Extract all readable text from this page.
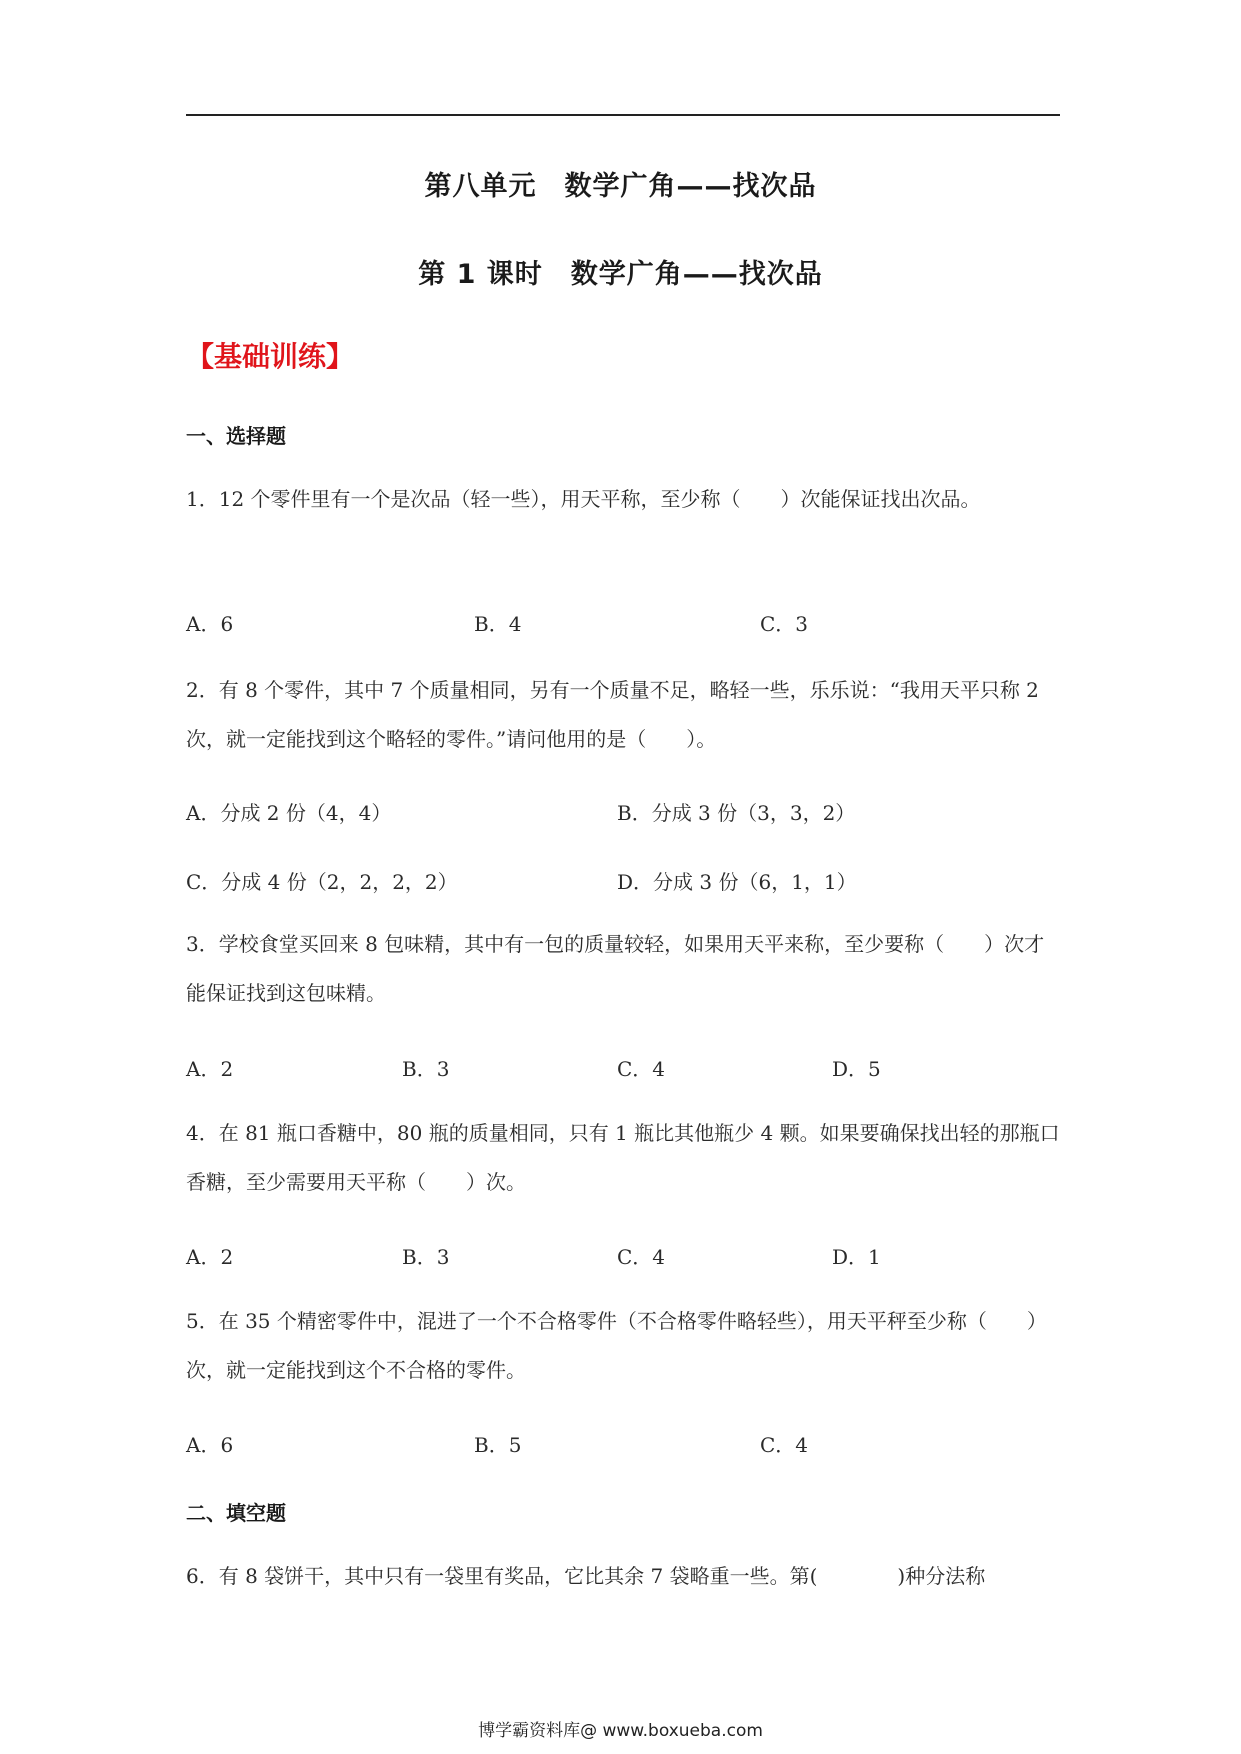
第八单元　数学广角——找次品
第 1 课时　数学广角——找次品
【基础训练】
一、选择题
1．12 个零件里有一个是次品（轻一些），用天平称，至少称（　　）次能保证找出次品。
A．6	B．4	C．3
2．有 8 个零件，其中 7 个质量相同，另有一个质量不足，略轻一些，乐乐说：“我用天平只称 2 次，就一定能找到这个略轻的零件。”请问他用的是（　　）。
A．分成 2 份（4，4）	B．分成 3 份（3，3，2）
C．分成 4 份（2，2，2，2）	D．分成 3 份（6，1，1）
3．学校食堂买回来 8 包味精，其中有一包的质量较轻，如果用天平来称，至少要称（　　）次才能保证找到这包味精。
A．2	B．3	C．4	D．5
4．在 81 瓶口香糖中，80 瓶的质量相同，只有 1 瓶比其他瓶少 4 颗。如果要确保找出轻的那瓶口香糖，至少需要用天平称（　　）次。
A．2	B．3	C．4	D．1
5．在 35 个精密零件中，混进了一个不合格零件（不合格零件略轻些），用天平秤至少称（　　）次，就一定能找到这个不合格的零件。
A．6	B．5	C．4
二、填空题
6．有 8 袋饼干，其中只有一袋里有奖品，它比其余 7 袋略重一些。第(　　　　)种分法称
博学霸资料库@ www.boxueba.com
